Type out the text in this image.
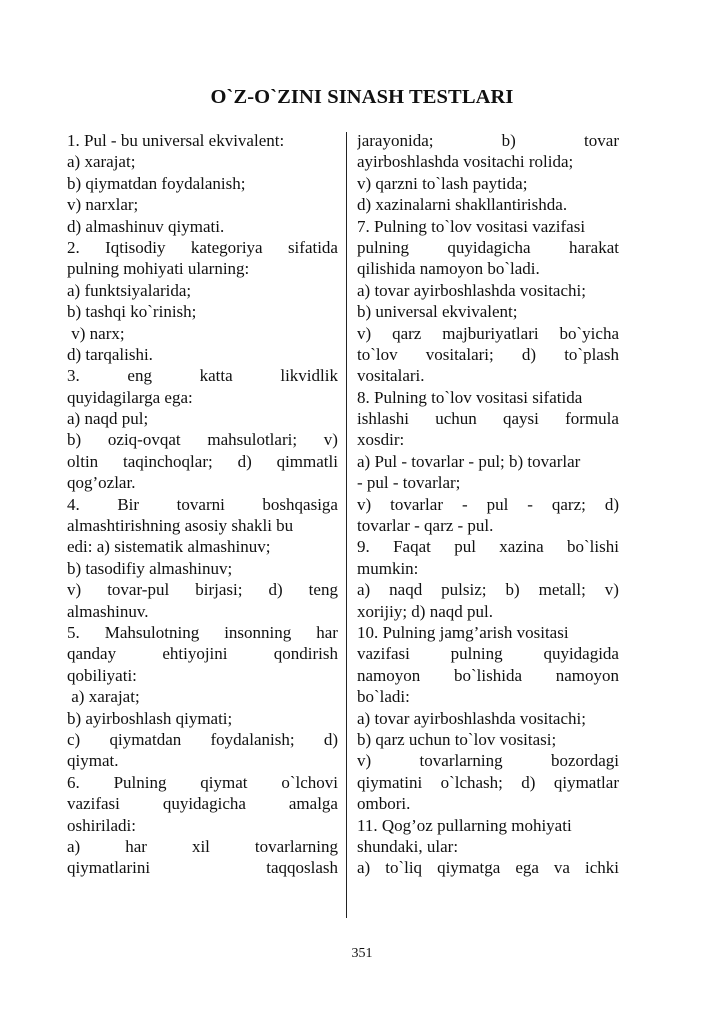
O`Z-O`ZINI SINASH TESTLARI
1. Pul - bu universal ekvivalent:
a) xarajat;
b) qiymatdan foydalanish;
v) narxlar;
d) almashinuv qiymati.
2. Iqtisodiy kategoriya sifatida
pulning mohiyati ularning:
a) funktsiyalarida;
b) tashqi ko`rinish;
v) narx;
d) tarqalishi.
3.	eng	katta	likvidlik
quyidagilarga ega:
a) naqd pul;
b) oziq-ovqat mahsulotlari; v)
oltin taqinchoqlar; d) qimmatli
qog’ozlar.
4. Bir tovarni boshqasiga
almashtirishning asosiy shakli bu
edi: a) sistematik almashinuv;
b) tasodifiy almashinuv;
v) tovar-pul birjasi; d) teng
almashinuv.
5. Mahsulotning insonning har
qanday	ehtiyojini	qondirish
qobiliyati:
a) xarajat;
b) ayirboshlash qiymati;
c) qiymatdan foydalanish; d)
qiymat.
6. Pulning qiymat o`lchovi
vazifasi	quyidagicha	amalga
oshiriladi:
a)	har	xil	tovarlarning
qiymatlarini	taqqoslash
jarayonida;	b)	tovar
ayirboshlashda vositachi rolida;
v) qarzni to`lash paytida;
d) xazinalarni shakllantirishda.
7. Pulning to`lov vositasi vazifasi
pulning quyidagicha harakat
qilishida namoyon bo`ladi.
a) tovar ayirboshlashda vositachi;
b) universal ekvivalent;
v) qarz majburiyatlari bo`yicha
to`lov vositalari; d) to`plash
vositalari.
8. Pulning to`lov vositasi sifatida
ishlashi uchun qaysi formula
xosdir:
a) Pul - tovarlar - pul; b) tovarlar
- pul - tovarlar;
v) tovarlar - pul - qarz; d)
tovarlar - qarz - pul.
9. Faqat pul xazina bo`lishi
mumkin:
a) naqd pulsiz; b) metall; v)
xorijiy; d) naqd pul.
10. Pulning jamg’arish vositasi
vazifasi pulning quyidagida
namoyon bo`lishida namoyon
bo`ladi:
a) tovar ayirboshlashda vositachi;
b) qarz uchun to`lov vositasi;
v)	tovarlarning	bozordagi
qiymatini o`lchash; d) qiymatlar
ombori.
11. Qog’oz pullarning mohiyati
shundaki, ular:
a) to`liq qiymatga ega va ichki
351
